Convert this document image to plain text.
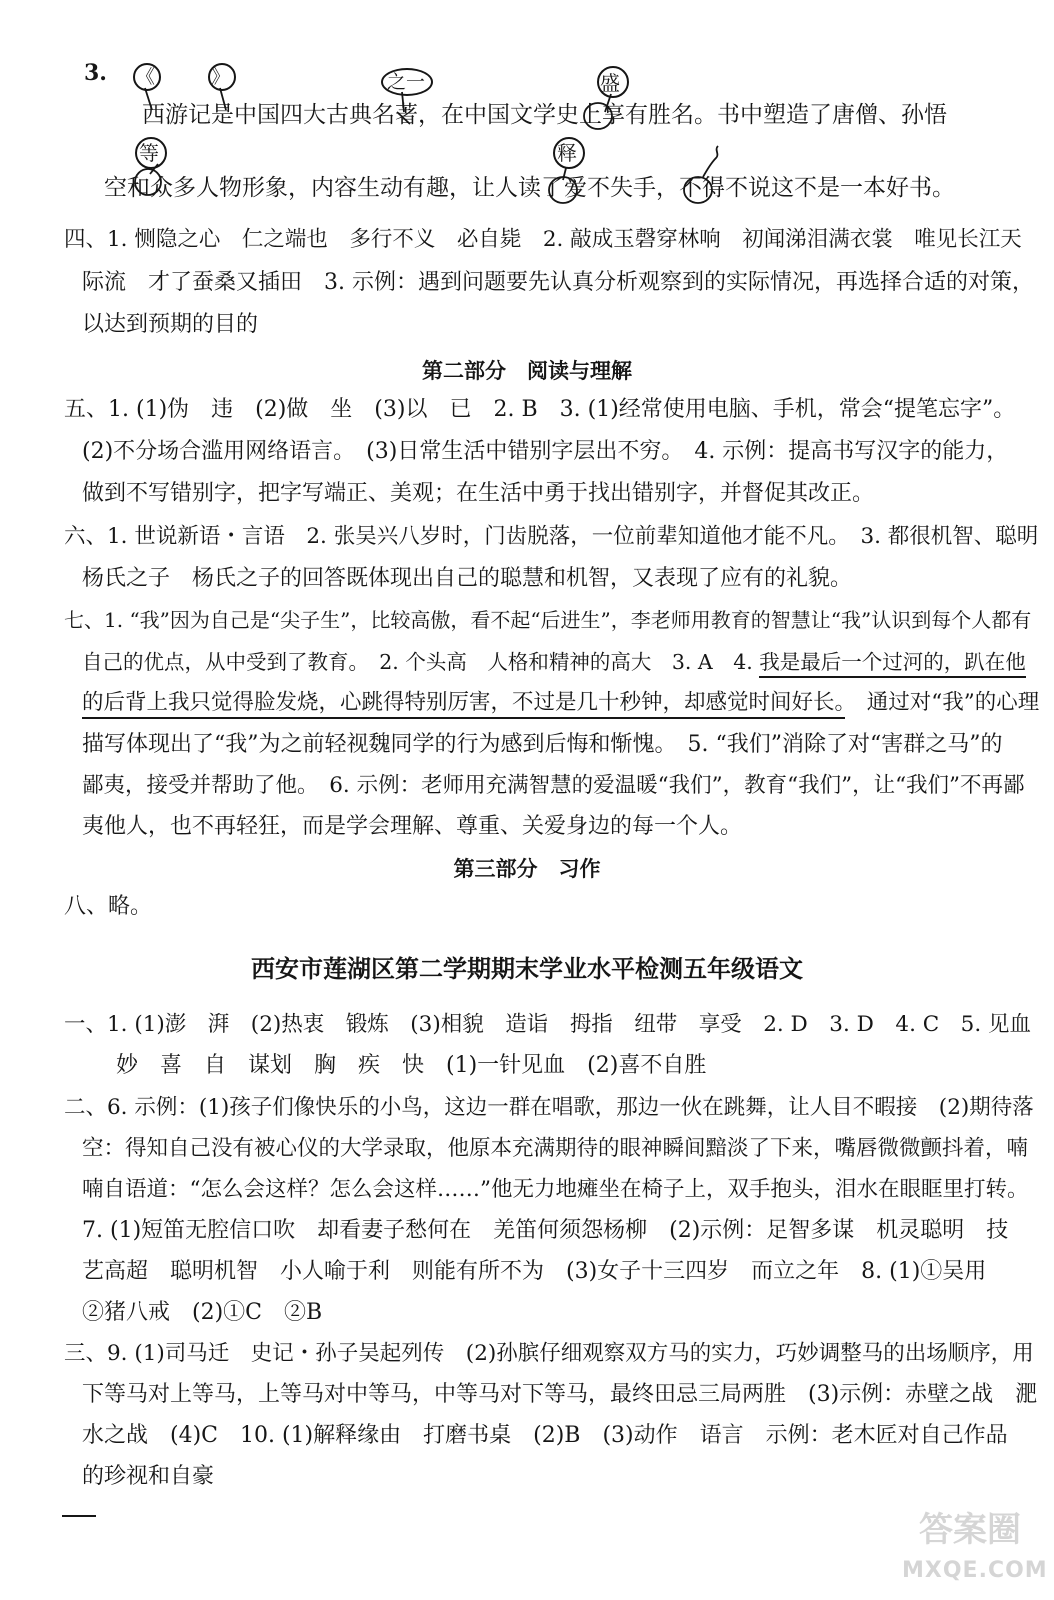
3. 《	》	之一	盛
西游记是中国四大古典名著，在中国文学史上享有胜名。书中塑造了唐僧、孙悟
等	释
空和众多人物形象，内容生动有趣，让人读了爱不失手，不得不说这不是一本好书。
四、1. 恻隐之心　仁之端也　多行不义　必自毙　2. 敲成玉磬穿林响　初闻涕泪满衣裳　唯见长江天
际流　才了蚕桑又插田　3. 示例：遇到问题要先认真分析观察到的实际情况，再选择合适的对策，
以达到预期的目的
第二部分　阅读与理解
五、1. (1)伪　违　(2)做　坐　(3)以　已　2. B　3. (1)经常使用电脑、手机，常会“提笔忘字”。
(2)不分场合滥用网络语言。　(3)日常生活中错别字层出不穷。　4. 示例：提高书写汉字的能力，
做到不写错别字，把字写端正、美观；在生活中勇于找出错别字，并督促其改正。
六、1. 世说新语・言语　2. 张吴兴八岁时，门齿脱落，一位前辈知道他才能不凡。　3. 都很机智、聪明
杨氏之子　杨氏之子的回答既体现出自己的聪慧和机智，又表现了应有的礼貌。
七、1. “我”因为自己是“尖子生”，比较高傲，看不起“后进生”，李老师用教育的智慧让“我”认识到每个人都有
自己的优点，从中受到了教育。　2. 个头高　人格和精神的高大　3. A　4. 我是最后一个过河的，趴在他
的后背上我只觉得脸发烧，心跳得特别厉害，不过是几十秒钟，却感觉时间好长。　 通过对“我”的心理
描写体现出了“我”为之前轻视魏同学的行为感到后悔和惭愧。　5. “我们”消除了对“害群之马”的
鄙夷，接受并帮助了他。　6. 示例：老师用充满智慧的爱温暖“我们”，教育“我们”，让“我们”不再鄙
夷他人，也不再轻狂，而是学会理解、尊重、关爱身边的每一个人。
第三部分　习作
八、略。
西安市莲湖区第二学期期末学业水平检测五年级语文
一、1. (1)澎　湃　(2)热衷　锻炼　(3)相貌　造诣　拇指　纽带　享受　2. D　3. D　4. C　5. 见血
妙　喜　自　谋划　胸　疾　快　(1)一针见血　(2)喜不自胜
二、6. 示例：(1)孩子们像快乐的小鸟，这边一群在唱歌，那边一伙在跳舞，让人目不暇接　(2)期待落
空：得知自己没有被心仪的大学录取，他原本充满期待的眼神瞬间黯淡了下来，嘴唇微微颤抖着，喃
喃自语道：“怎么会这样？怎么会这样……”他无力地瘫坐在椅子上，双手抱头，泪水在眼眶里打转。
7. (1)短笛无腔信口吹　却看妻子愁何在　羌笛何须怨杨柳　(2)示例：足智多谋　机灵聪明　技
艺高超　聪明机智　小人喻于利　则能有所不为　(3)女子十三四岁　而立之年　8. (1)①吴用
②猪八戒　(2)①C　②B
三、9. (1)司马迁　史记・孙子吴起列传　(2)孙膑仔细观察双方马的实力，巧妙调整马的出场顺序，用
下等马对上等马，上等马对中等马，中等马对下等马，最终田忌三局两胜　(3)示例：赤壁之战　淝
水之战　(4)C　10. (1)解释缘由　打磨书桌　(2)B　(3)动作　语言　示例：老木匠对自己作品
的珍视和自豪
答案圈
MXQE.COM
